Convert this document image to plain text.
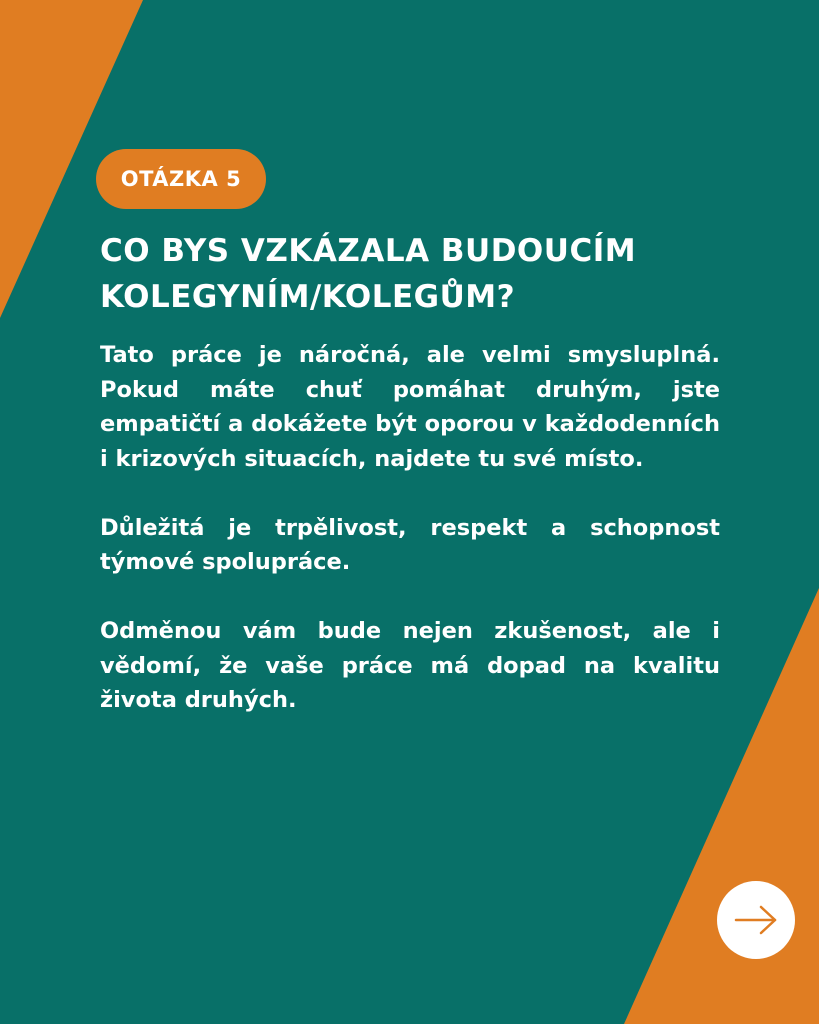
OTÁZKA 5
CO BYS VZKÁZALA BUDOUCÍM
KOLEGYNÍM/KOLEGŮM?

Tato práce je náročná, ale velmi smysluplná. Pokud máte chuť pomáhat druhým, jste empatičtí a dokážete být oporou v každodenních i krizových situacích, najdete tu své místo.

Důležitá je trpělivost, respekt a schopnost týmové spolupráce.

Odměnou vám bude nejen zkušenost, ale i vědomí, že vaše práce má dopad na kvalitu života druhých.
